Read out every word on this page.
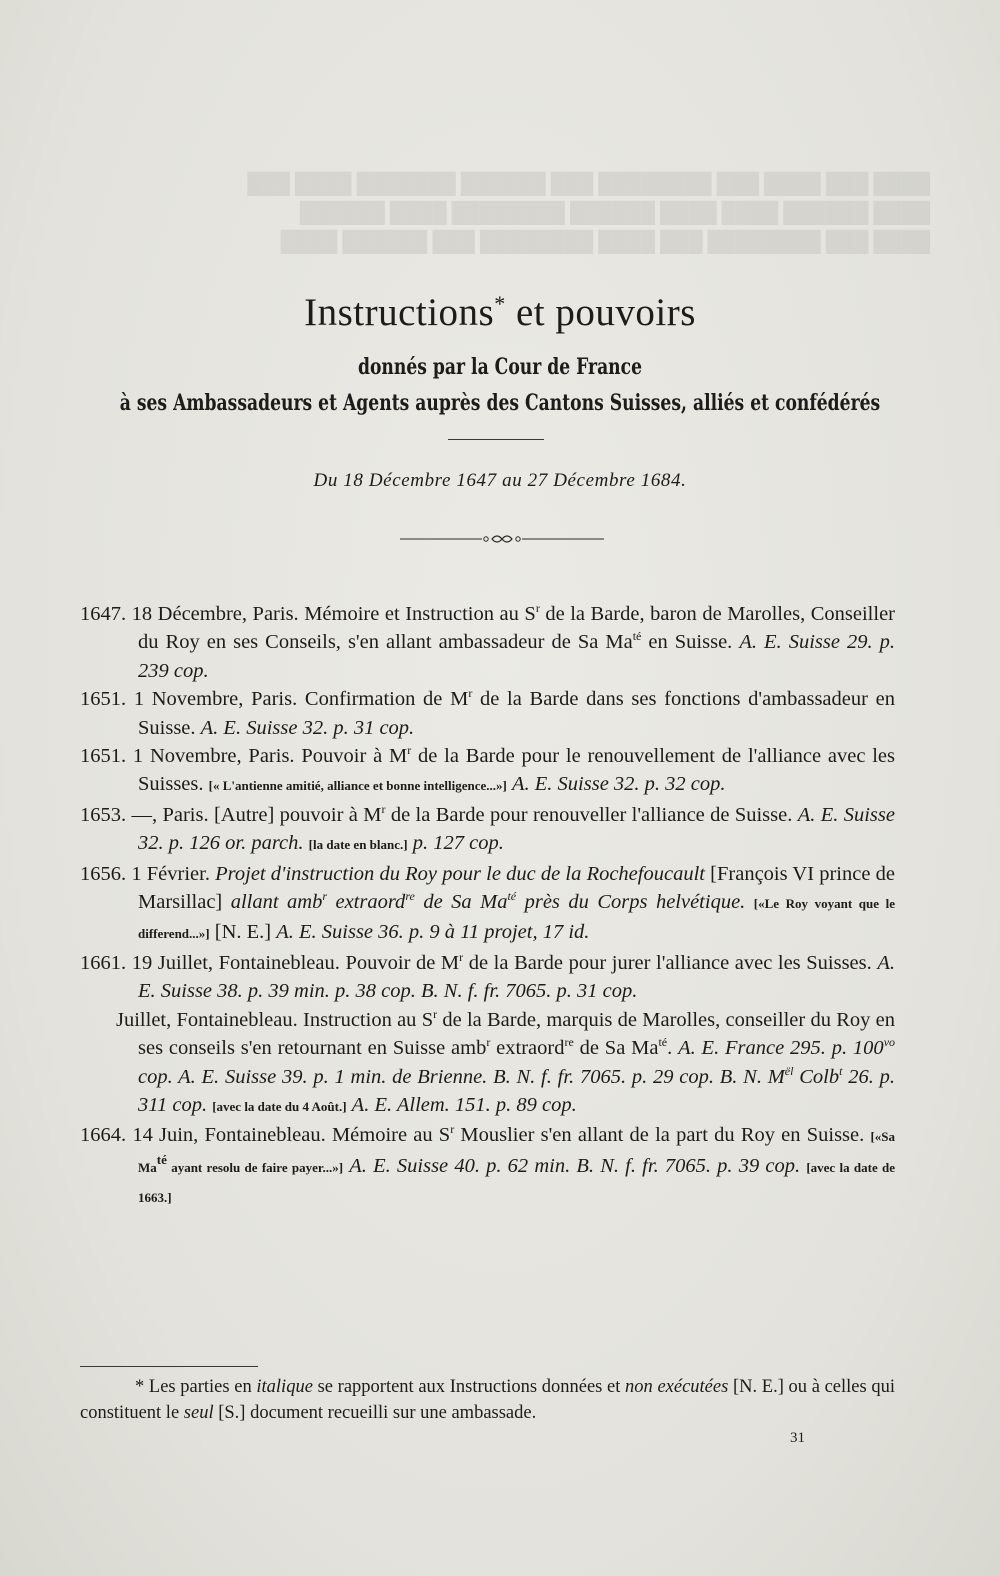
████ ███ ████ ███ ████████ ███ ██████ ███████ ████ ███

████ ██████ ████ ████ ██████ ████████ ████ ██████

████ ███ ████████ ███ ████ ████████ ███ ██████ ████

Instructions* et pouvoirs
donnés par la Cour de France
à ses Ambassadeurs et Agents auprès des Cantons Suisses, alliés et confédérés
Du 18 Décembre 1647 au 27 Décembre 1684.
1647. 18 Décembre, Paris. Mémoire et Instruction au $S^r$ de la Barde, baron de Marolles, Conseiller du Roy en ses Conseils, s'en allant ambassadeur de Sa $Ma^{té}$ en Suisse. A. E. Suisse 29. p. 239 cop.
1651. 1 Novembre, Paris. Confirmation de $M^r$ de la Barde dans ses fonctions d'ambassadeur en Suisse. A. E. Suisse 32. p. 31 cop.
1651. 1 Novembre, Paris. Pouvoir à $M^r$ de la Barde pour le renouvellement de l'alliance avec les Suisses. [« L'antienne amitié, alliance et bonne intelligence...»] A. E. Suisse 32. p. 32 cop.
1653. —, Paris. [Autre] pouvoir à $M^r$ de la Barde pour renouveller l'alliance de Suisse. A. E. Suisse 32. p. 126 or. parch. [la date en blanc.] p. 127 cop.
1656. 1 Février. Projet d'instruction du Roy pour le duc de la Rochefoucault [François VI prince de Marsillac] allant amb$^r$ extraord$^{re}$ de Sa $Ma^{té}$ près du Corps helvétique. [«Le Roy voyant que le differend...»] [N. E.] A. E. Suisse 36. p. 9 à 11 projet, 17 id.
1661. 19 Juillet, Fontainebleau. Pouvoir de $M^r$ de la Barde pour jurer l'alliance avec les Suisses. A. E. Suisse 38. p. 39 min. p. 38 cop. B. N. f. fr. 7065. p. 31 cop.
Juillet, Fontainebleau. Instruction au $S^r$ de la Barde, marquis de Marolles, conseiller du Roy en ses conseils s'en retournant en Suisse amb$^r$ extraord$^{re}$ de Sa $Ma^{té}$. A. E. France 295. p. $100^{vo}$ cop. A. E. Suisse 39. p. 1 min. de Brienne. B. N. f. fr. 7065. p. 29 cop. B. N. $M^{ël}$ Colb$^t$ 26. p. 311 cop. [avec la date du 4 Août.] A. E. Allem. 151. p. 89 cop.
1664. 14 Juin, Fontainebleau. Mémoire au $S^r$ Mouslier s'en allant de la part du Roy en Suisse. [«Sa $Ma^{té}$ ayant resolu de faire payer...»] A. E. Suisse 40. p. 62 min. B. N. f. fr. 7065. p. 39 cop. [avec la date de 1663.]
* Les parties en italique se rapportent aux Instructions données et non exécutées [N. E.] ou à celles qui constituent le seul [S.] document recueilli sur une ambassade.
31
